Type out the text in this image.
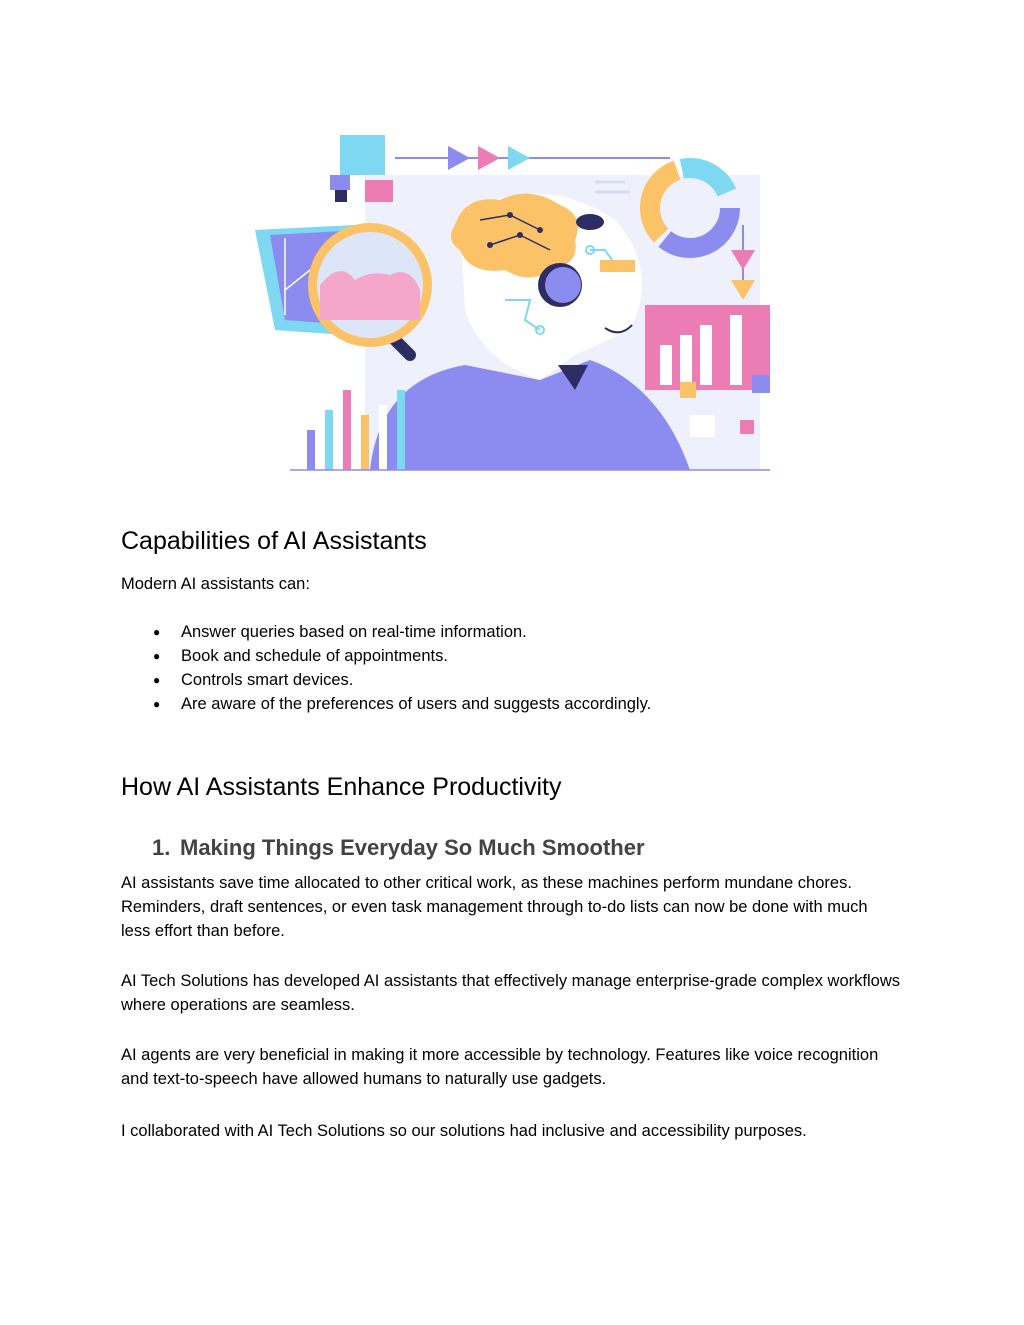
Capabilities of AI Assistants

Modern AI assistants can:

● Answer queries based on real-time information.
● Book and schedule of appointments.
● Controls smart devices.
● Are aware of the preferences of users and suggests accordingly.
How AI Assistants Enhance Productivity
1. Making Things Everyday So Much Smoother

AI assistants save time allocated to other critical work, as these machines perform mundane chores. Reminders, draft sentences, or even task management through to-do lists can now be done with much less effort than before.

AI Tech Solutions has developed AI assistants that effectively manage enterprise-grade complex workflows where operations are seamless.

AI agents are very beneficial in making it more accessible by technology. Features like voice recognition and text-to-speech have allowed humans to naturally use gadgets.

I collaborated with AI Tech Solutions so our solutions had inclusive and accessibility purposes.
